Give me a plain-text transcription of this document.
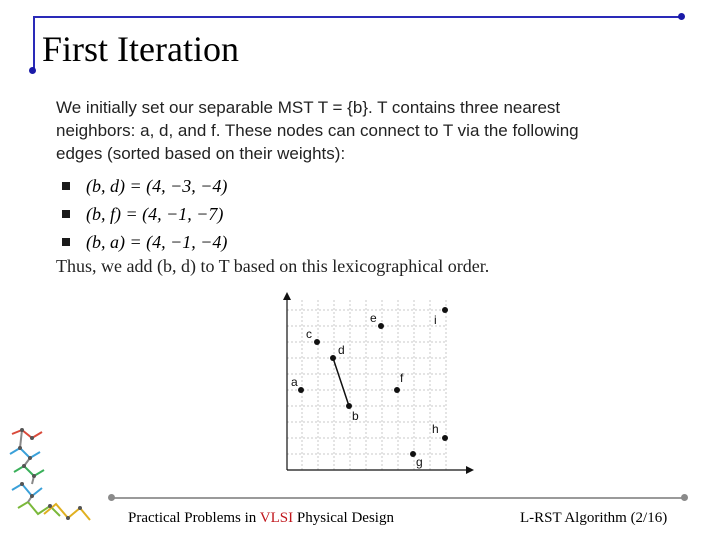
First Iteration
We initially set our separable MST T = {b}. T contains three nearest neighbors: a, d, and f. These nodes can connect to T via the following edges (sorted based on their weights):
(b, d) = (4, −3, −4)
(b, f) = (4, −1, −7)
(b, a) = (4, −1, −4)
Thus, we add (b, d) to T based on this lexicographical order.
a
b
c
d
e
f
g
h
i
Practical Problems in VLSI Physical Design	L-RST Algorithm (2/16)
